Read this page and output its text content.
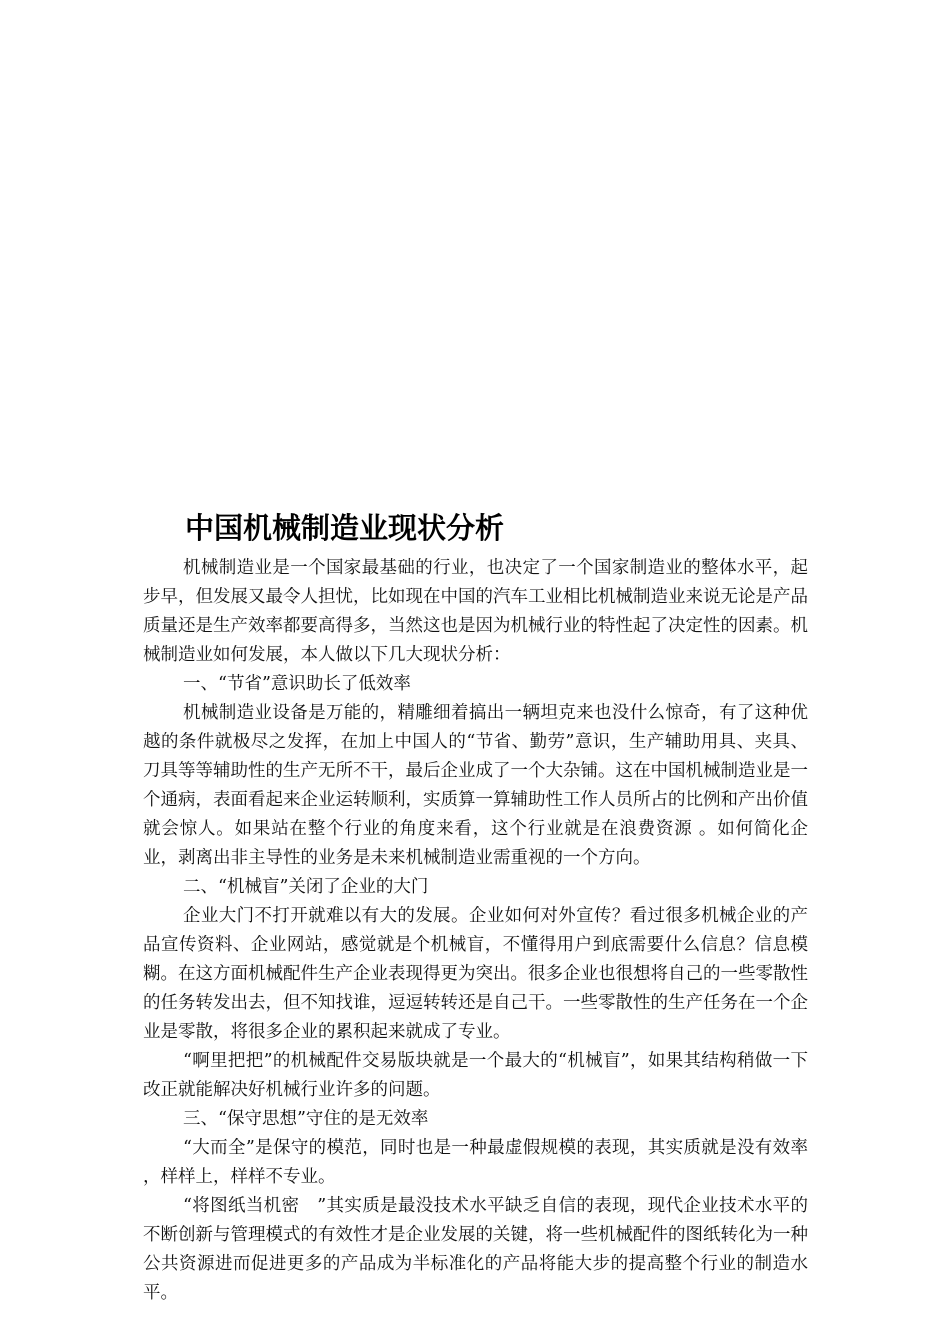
中国机械制造业现状分析

机械制造业是一个国家最基础的行业，也决定了一个国家制造业的整体水平，起步早，但发展又最令人担忧，比如现在中国的汽车工业相比机械制造业来说无论是产品质量还是生产效率都要高得多，当然这也是因为机械行业的特性起了决定性的因素。机械制造业如何发展，本人做以下几大现状分析：

一、“节省”意识助长了低效率

机械制造业设备是万能的，精雕细着搞出一辆坦克来也没什么惊奇，有了这种优越的条件就极尽之发挥，在加上中国人的“节省、勤劳”意识，生产辅助用具、夹具、刀具等等辅助性的生产无所不干，最后企业成了一个大杂铺。这在中国机械制造业是一个通病，表面看起来企业运转顺利，实质算一算辅助性工作人员所占的比例和产出价值就会惊人。如果站在整个行业的角度来看，这个行业就是在浪费资源 。如何简化企业，剥离出非主导性的业务是未来机械制造业需重视的一个方向。

二、“机械盲”关闭了企业的大门

企业大门不打开就难以有大的发展。企业如何对外宣传？看过很多机械企业的产品宣传资料、企业网站，感觉就是个机械盲，不懂得用户到底需要什么信息？信息模糊。在这方面机械配件生产企业表现得更为突出。很多企业也很想将自己的一些零散性的任务转发出去，但不知找谁，逗逗转转还是自己干。一些零散性的生产任务在一个企业是零散，将很多企业的累积起来就成了专业。

“啊里把把”的机械配件交易版块就是一个最大的“机械盲”，如果其结构稍做一下改正就能解决好机械行业许多的问题。

三、“保守思想”守住的是无效率

“大而全”是保守的模范，同时也是一种最虚假规模的表现，其实质就是没有效率 ，样样上，样样不专业。

“将图纸当机密　”其实质是最没技术水平缺乏自信的表现，现代企业技术水平的不断创新与管理模式的有效性才是企业发展的关键，将一些机械配件的图纸转化为一种公共资源进而促进更多的产品成为半标准化的产品将能大步的提高整个行业的制造水平。
